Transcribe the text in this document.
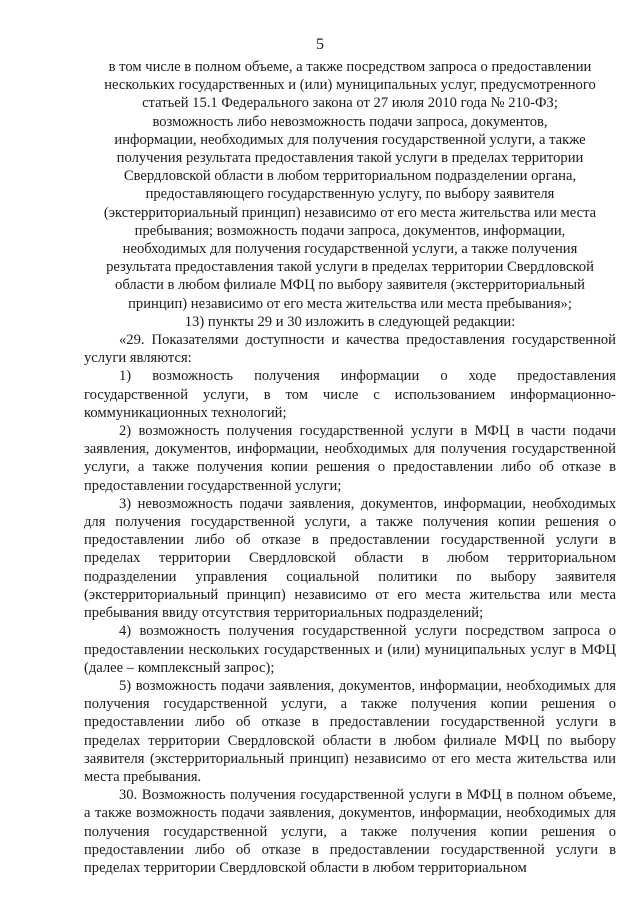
5

в том числе в полном объеме, а также посредством запроса о предоставлении

нескольких государственных и (или) муниципальных услуг, предусмотренного

статьей 15.1 Федерального закона от 27 июля 2010 года № 210-ФЗ;

возможность либо невозможность подачи запроса, документов,

информации, необходимых для получения государственной услуги, а также

получения результата предоставления такой услуги в пределах территории

Свердловской области в любом территориальном подразделении органа,

предоставляющего государственную услугу, по выбору заявителя

(экстерриториальный принцип) независимо от его места жительства или места

пребывания; возможность подачи запроса, документов, информации,

необходимых для получения государственной услуги, а также получения

результата предоставления такой услуги в пределах территории Свердловской

области в любом филиале МФЦ по выбору заявителя (экстерриториальный

принцип) независимо от его места жительства или места пребывания»;

13) пункты 29 и 30 изложить в следующей редакции:

«29. Показателями доступности и качества предоставления государственной услуги являются:

1) возможность получения информации о ходе предоставления государственной услуги, в том числе с использованием информационно-коммуникационных технологий;

2) возможность получения государственной услуги в МФЦ в части подачи заявления, документов, информации, необходимых для получения государственной услуги, а также получения копии решения о предоставлении либо об отказе в предоставлении государственной услуги;

3) невозможность подачи заявления, документов, информации, необходимых для получения государственной услуги, а также получения копии решения о предоставлении либо об отказе в предоставлении государственной услуги в пределах территории Свердловской области в любом территориальном подразделении управления социальной политики по выбору заявителя (экстерриториальный принцип) независимо от его места жительства или места пребывания ввиду отсутствия территориальных подразделений;

4) возможность получения государственной услуги посредством запроса о предоставлении нескольких государственных и (или) муниципальных услуг в МФЦ (далее – комплексный запрос);

5) возможность подачи заявления, документов, информации, необходимых для получения государственной услуги, а также получения копии решения о предоставлении либо об отказе в предоставлении государственной услуги в пределах территории Свердловской области в любом филиале МФЦ по выбору заявителя (экстерриториальный принцип) независимо от его места жительства или места пребывания.

30. Возможность получения государственной услуги в МФЦ в полном объеме, а также возможность подачи заявления, документов, информации, необходимых для получения государственной услуги, а также получения копии решения о предоставлении либо об отказе в предоставлении государственной услуги в пределах территории Свердловской области в любом территориальном
